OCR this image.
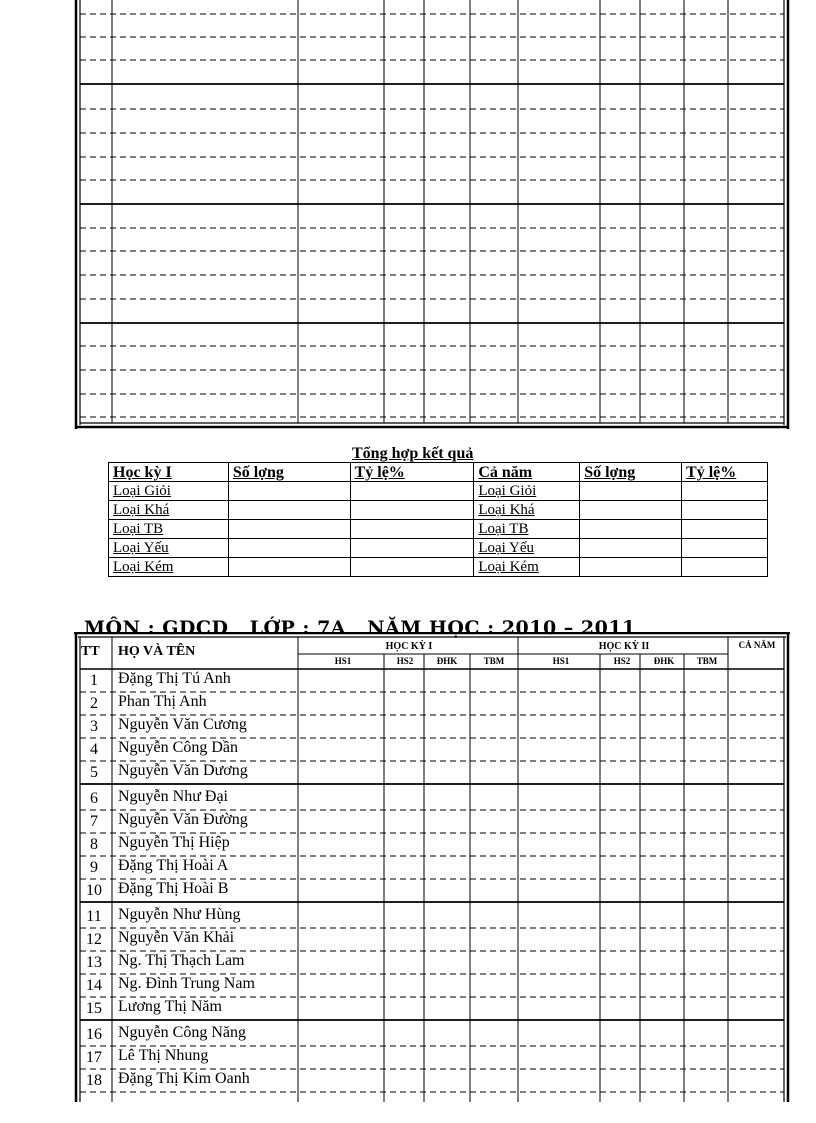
Tổng hợp kết quả
Học kỳ I	Số lợng	Tỷ lệ%	Cả năm	Số lợng	Tỷ lệ%
Loại Giỏi			Loại Giỏi		
Loại Khá			Loại Khá		
Loại TB			Loại TB		
Loại Yếu			Loại Yếu		
Loại Kém			Loại Kém		
MÔN : GDCD LỚP : 7A NĂM HỌC : 2010 – 2011
TT HỌ VÀ TÊN	HỌC KỲ I	HỌC KỲ II	CẢ NĂM
HS1	HS2	ĐHK	TBM	HS1	HS2	ĐHK	TBM
1	Đặng Thị Tú Anh
2	Phan Thị Anh
3	Nguyễn Văn Cương
4	Nguyễn Công Dần
5	Nguyễn Văn Dương
6	Nguyễn Như Đại
7	Nguyễn Văn Đường
8	Nguyễn Thị Hiệp
9	Đặng Thị Hoài A
10	Đặng Thị Hoài B
11	Nguyễn Như Hùng
12	Nguyễn Văn Khải
13	Ng. Thị Thạch Lam
14	Ng. Đình Trung Nam
15	Lương Thị Năm
16	Nguyễn Công Năng
17	Lê Thị Nhung
18	Đặng Thị Kim Oanh
